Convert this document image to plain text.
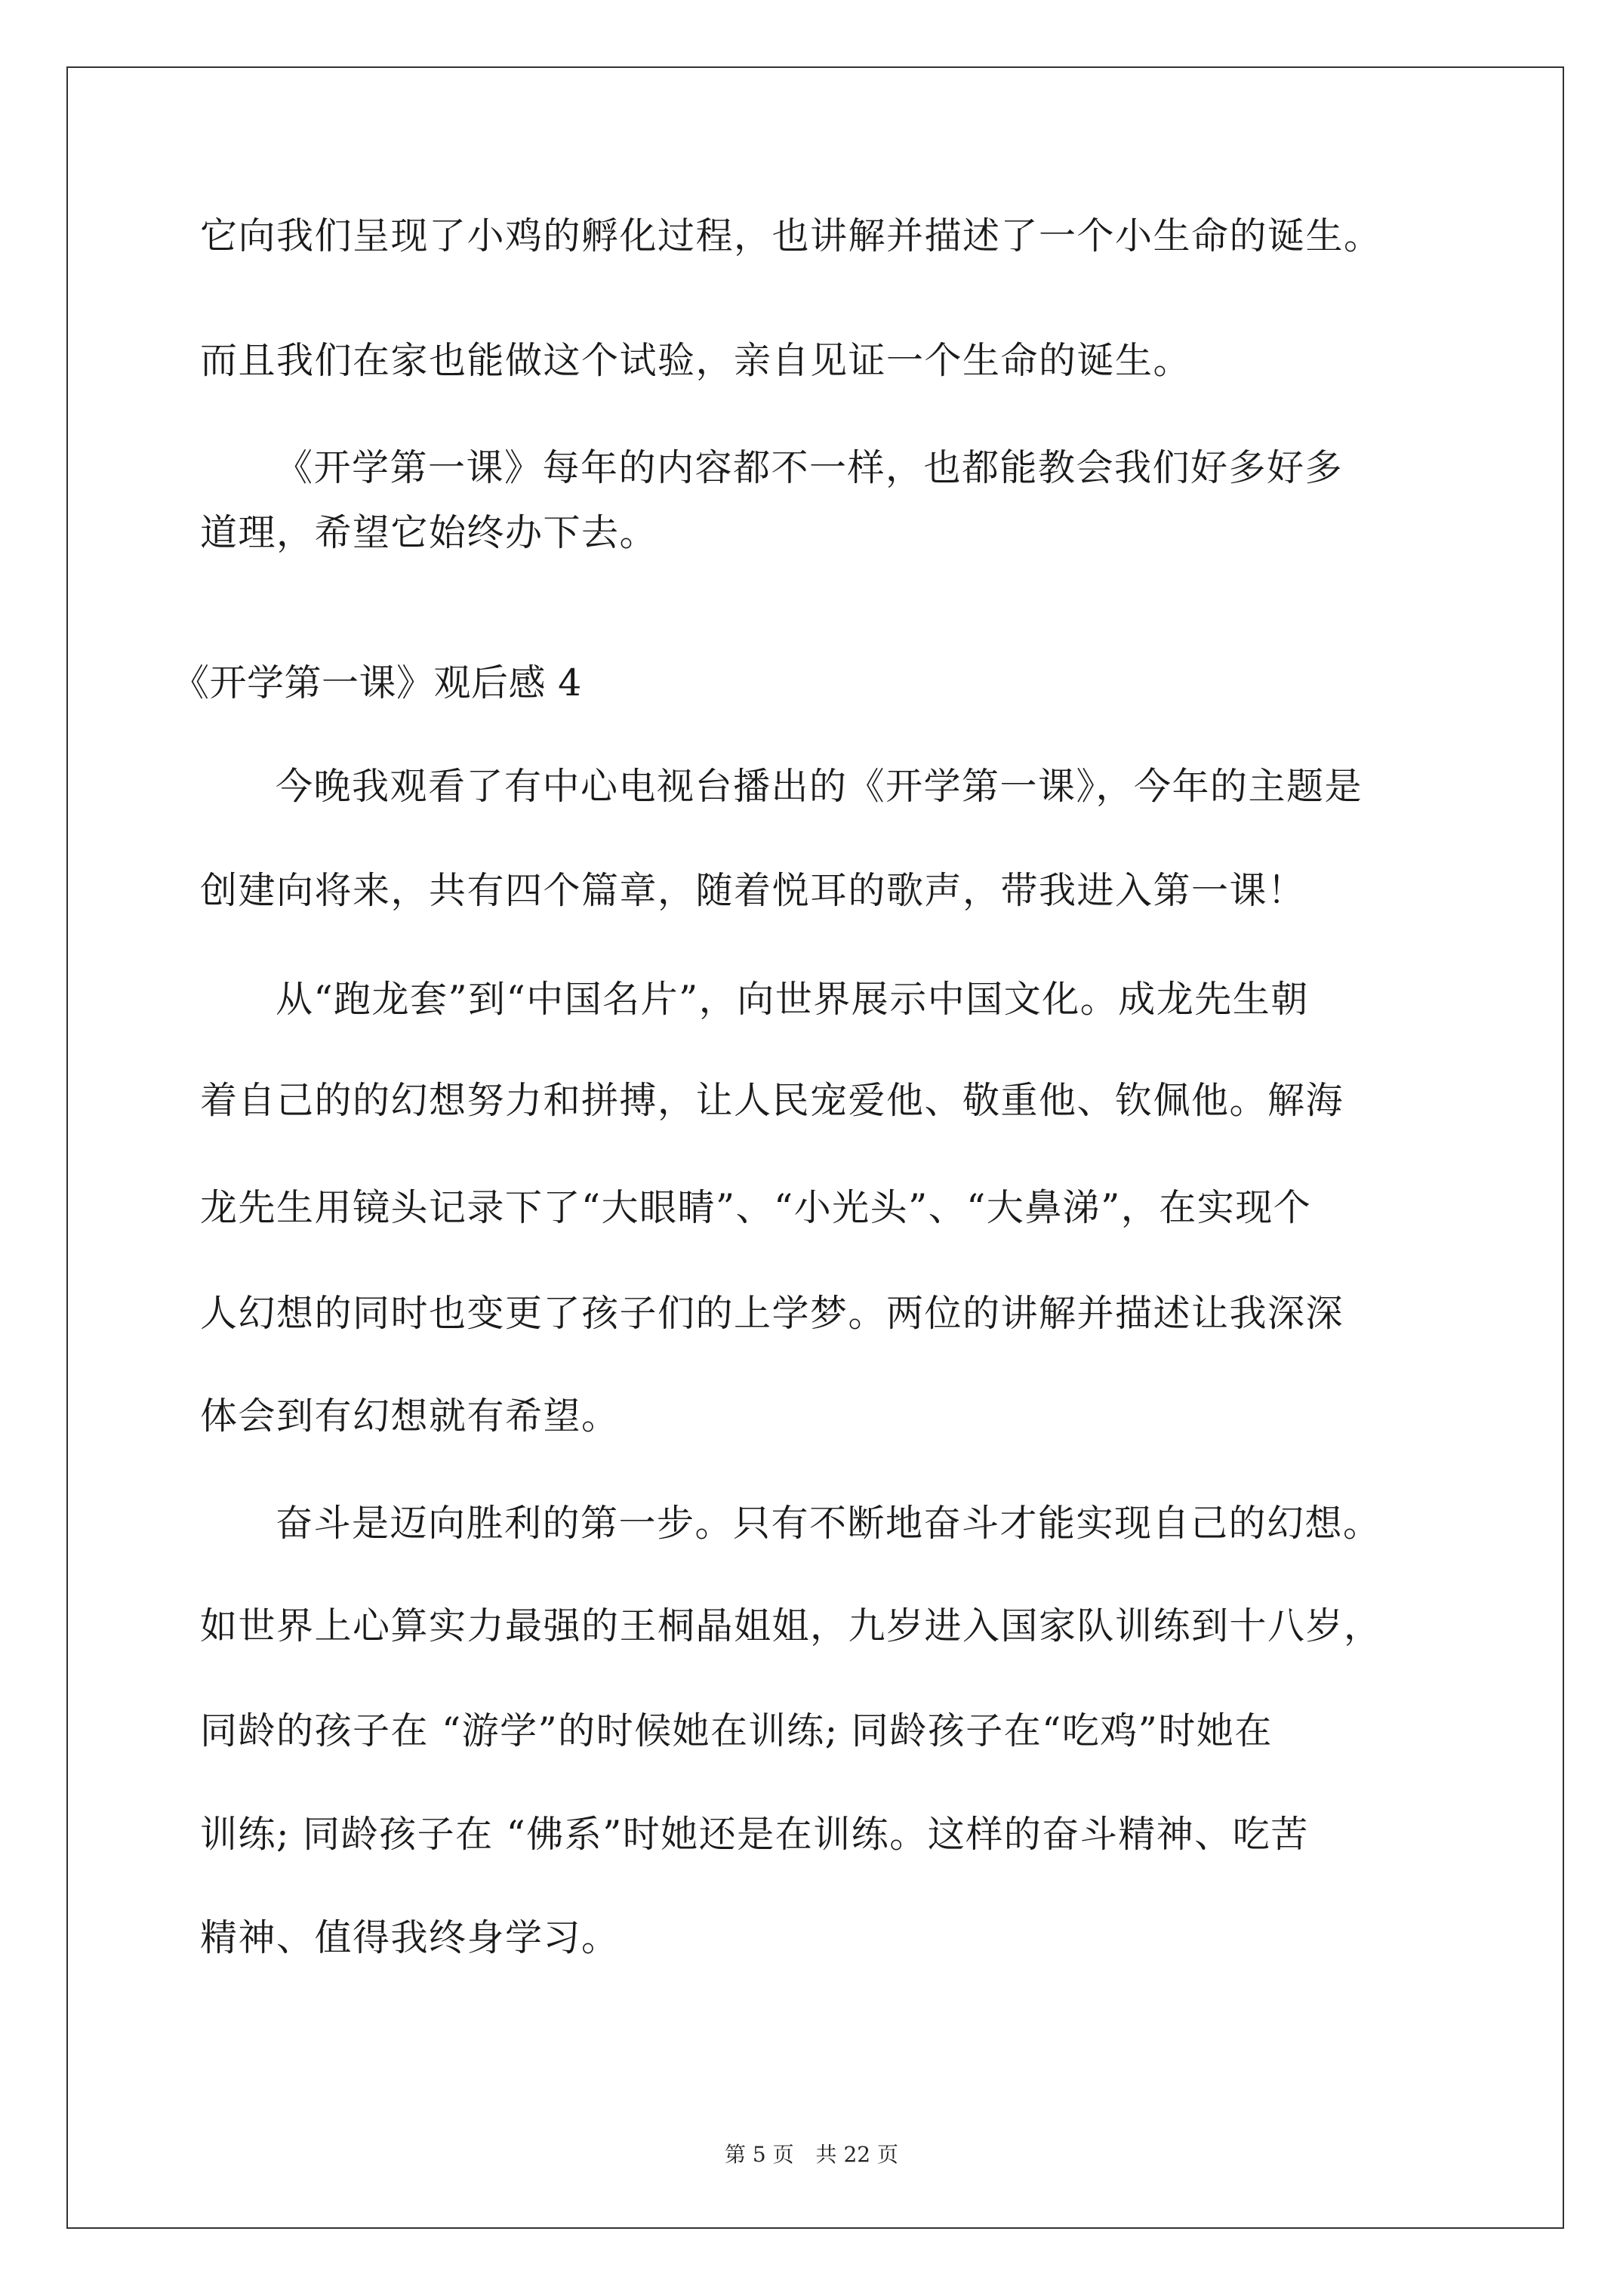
它向我们呈现了小鸡的孵化过程，也讲解并描述了一个小生命的诞生。

而且我们在家也能做这个试验，亲自见证一个生命的诞生。

《开学第一课》每年的内容都不一样，也都能教会我们好多好多

道理，希望它始终办下去。

《开学第一课》观后感 4

今晚我观看了有中心电视台播出的《开学第一课》，今年的主题是

创建向将来，共有四个篇章，随着悦耳的歌声，带我进入第一课！

从“跑龙套”到“中国名片”，向世界展示中国文化。成龙先生朝

着自己的的幻想努力和拼搏，让人民宠爱他、敬重他、钦佩他。解海

龙先生用镜头记录下了“大眼睛”、“小光头”、“大鼻涕”，在实现个

人幻想的同时也变更了孩子们的上学梦。两位的讲解并描述让我深深

体会到有幻想就有希望。

奋斗是迈向胜利的第一步。只有不断地奋斗才能实现自己的幻想。

如世界上心算实力最强的王桐晶姐姐，九岁进入国家队训练到十八岁，

同龄的孩子在 “游学”的时候她在训练; 同龄孩子在“吃鸡”时她在

训练; 同龄孩子在 “佛系”时她还是在训练。这样的奋斗精神、吃苦

精神、值得我终身学习。

第 5 页 共 22 页
